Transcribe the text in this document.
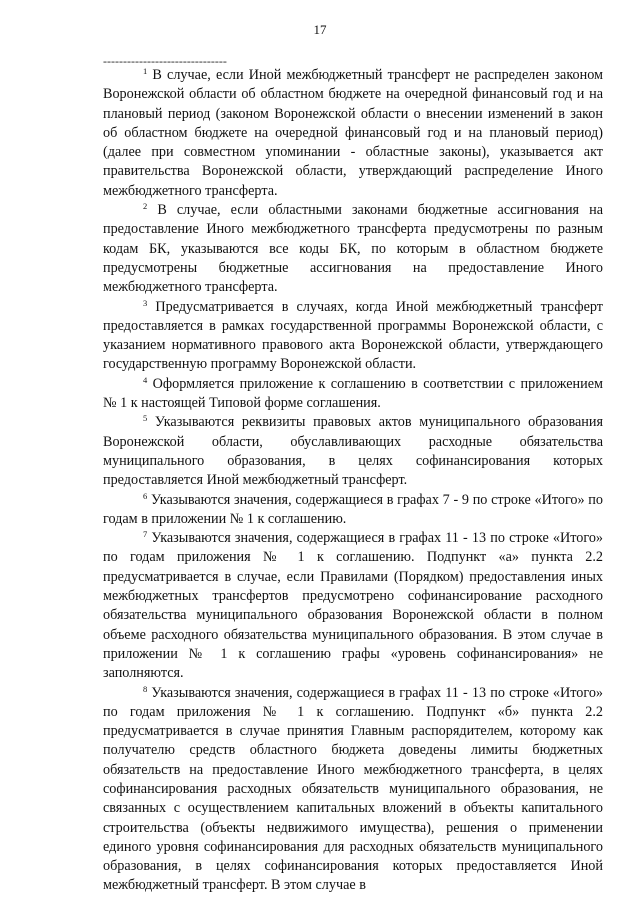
17
-------------------------------

$^1$ В случае, если Иной межбюджетный трансферт не распределен законом Воронежской области об областном бюджете на очередной финансовый год и на плановый период (законом Воронежской области о внесении изменений в закон об областном бюджете на очередной финансовый год и на плановый период) (далее при совместном упоминании - областные законы), указывается акт правительства Воронежской области, утверждающий распределение Иного межбюджетного трансферта.

$^2$ В случае, если областными законами бюджетные ассигнования на предоставление Иного межбюджетного трансферта предусмотрены по разным кодам БК, указываются все коды БК, по которым в областном бюджете предусмотрены бюджетные ассигнования на предоставление Иного межбюджетного трансферта.

$^3$ Предусматривается в случаях, когда Иной межбюджетный трансферт предоставляется в рамках государственной программы Воронежской области, с указанием нормативного правового акта Воронежской области, утверждающего государственную программу Воронежской области.

$^4$ Оформляется приложение к соглашению в соответствии с приложением № 1 к настоящей Типовой форме соглашения.

$^5$ Указываются реквизиты правовых актов муниципального образования Воронежской области, обуславливающих расходные обязательства муниципального образования, в целях софинансирования которых предоставляется Иной межбюджетный трансферт.

$^6$ Указываются значения, содержащиеся в графах 7 - 9 по строке «Итого» по годам в приложении № 1 к соглашению.

$^7$ Указываются значения, содержащиеся в графах 11 - 13 по строке «Итого» по годам приложения № 1 к соглашению. Подпункт «а» пункта 2.2 предусматривается в случае, если Правилами (Порядком) предоставления иных межбюджетных трансфертов предусмотрено софинансирование расходного обязательства муниципального образования Воронежской области в полном объеме расходного обязательства муниципального образования. В этом случае в приложении № 1 к соглашению графы «уровень софинансирования» не заполняются.

$^8$ Указываются значения, содержащиеся в графах 11 - 13 по строке «Итого» по годам приложения № 1 к соглашению. Подпункт «б» пункта 2.2 предусматривается в случае принятия Главным распорядителем, которому как получателю средств областного бюджета доведены лимиты бюджетных обязательств на предоставление Иного межбюджетного трансферта, в целях софинансирования расходных обязательств муниципального образования, не связанных с осуществлением капитальных вложений в объекты капитального строительства (объекты недвижимого имущества), решения о применении единого уровня софинансирования для расходных обязательств муниципального образования, в целях софинансирования которых предоставляется Иной межбюджетный трансферт. В этом случае в
